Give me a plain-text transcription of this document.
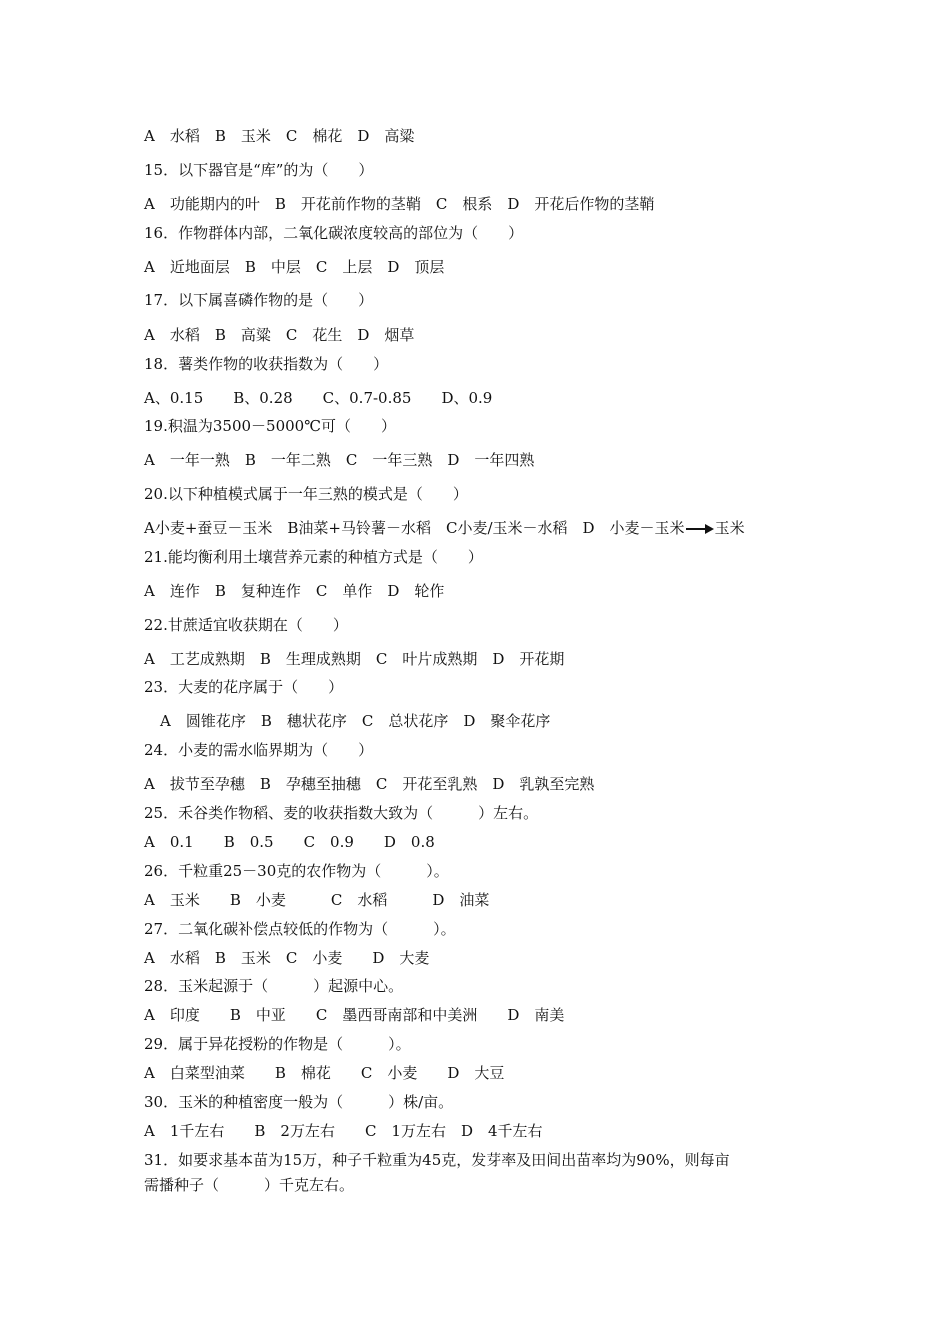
A　水稻　B　玉米　C　棉花　D　高粱
15．以下器官是“库”的为（　　）
A　功能期内的叶　B　开花前作物的茎鞘　C　根系　D　开花后作物的茎鞘
16．作物群体内部，二氧化碳浓度较高的部位为（　　）
A　近地面层　B　中层　C　上层　D　顶层
17．以下属喜磷作物的是（　　）
A　水稻　B　高粱　C　花生　D　烟草
18．薯类作物的收获指数为（　　）
A、0.15　　B、0.28　　C、0.7-0.85　　D、0.9
19.积温为3500－5000℃可（　　）
A　一年一熟　B　一年二熟　C　一年三熟　D　一年四熟
20.以下种植模式属于一年三熟的模式是（　　）
A小麦+蚕豆－玉米　B油菜+马铃薯－水稻　C小麦/玉米－水稻　D　小麦－玉米 玉米
21.能均衡利用土壤营养元素的种植方式是（　　）
A　连作　B　复种连作　C　单作　D　轮作
22.甘蔗适宜收获期在（　　）
A　工艺成熟期　B　生理成熟期　C　叶片成熟期　D　开花期
23．大麦的花序属于（　　）
A　圆锥花序　B　穗状花序　C　总状花序　D　聚伞花序
24．小麦的需水临界期为（　　）
A　拔节至孕穗　B　孕穗至抽穗　C　开花至乳熟　D　乳孰至完熟
25．禾谷类作物稻、麦的收获指数大致为（　　　）左右。
A　0.1　　B　0.5　　C　0.9　　D　0.8
26．千粒重25－30克的农作物为（　　　）。
A　玉米　　B　小麦　　　C　水稻　　　D　油菜
27．二氧化碳补偿点较低的作物为（　　　）。
A　水稻　B　玉米　C　小麦　　D　大麦
28．玉米起源于（　　　）起源中心。
A　印度　　B　中亚　　C　墨西哥南部和中美洲　　D　南美
29．属于异花授粉的作物是（　　　）。
A　白菜型油菜　　B　棉花　　C　小麦　　D　大豆
30．玉米的种植密度一般为（　　　）株/亩。
A　1千左右　　B　2万左右　　C　1万左右　D　4千左右
31．如要求基本苗为15万，种子千粒重为45克，发芽率及田间出苗率均为90%，则每亩
需播种子（　　　）千克左右。
